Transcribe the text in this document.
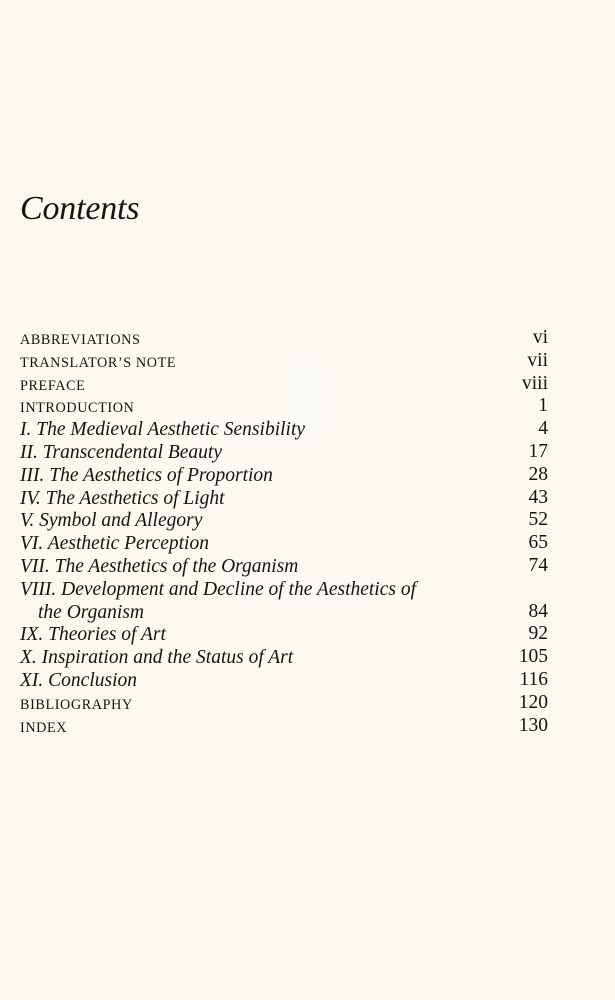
Contents
ABBREVIATIONS	vi
TRANSLATOR’S NOTE	vii
PREFACE	viii
INTRODUCTION	1
I. The Medieval Aesthetic Sensibility	4
II. Transcendental Beauty	17
III. The Aesthetics of Proportion	28
IV. The Aesthetics of Light	43
V. Symbol and Allegory	52
VI. Aesthetic Perception	65
VII. The Aesthetics of the Organism	74
VIII. Development and Decline of the Aesthetics of
the Organism	84
IX. Theories of Art	92
X. Inspiration and the Status of Art	105
XI. Conclusion	116
BIBLIOGRAPHY	120
INDEX	130
